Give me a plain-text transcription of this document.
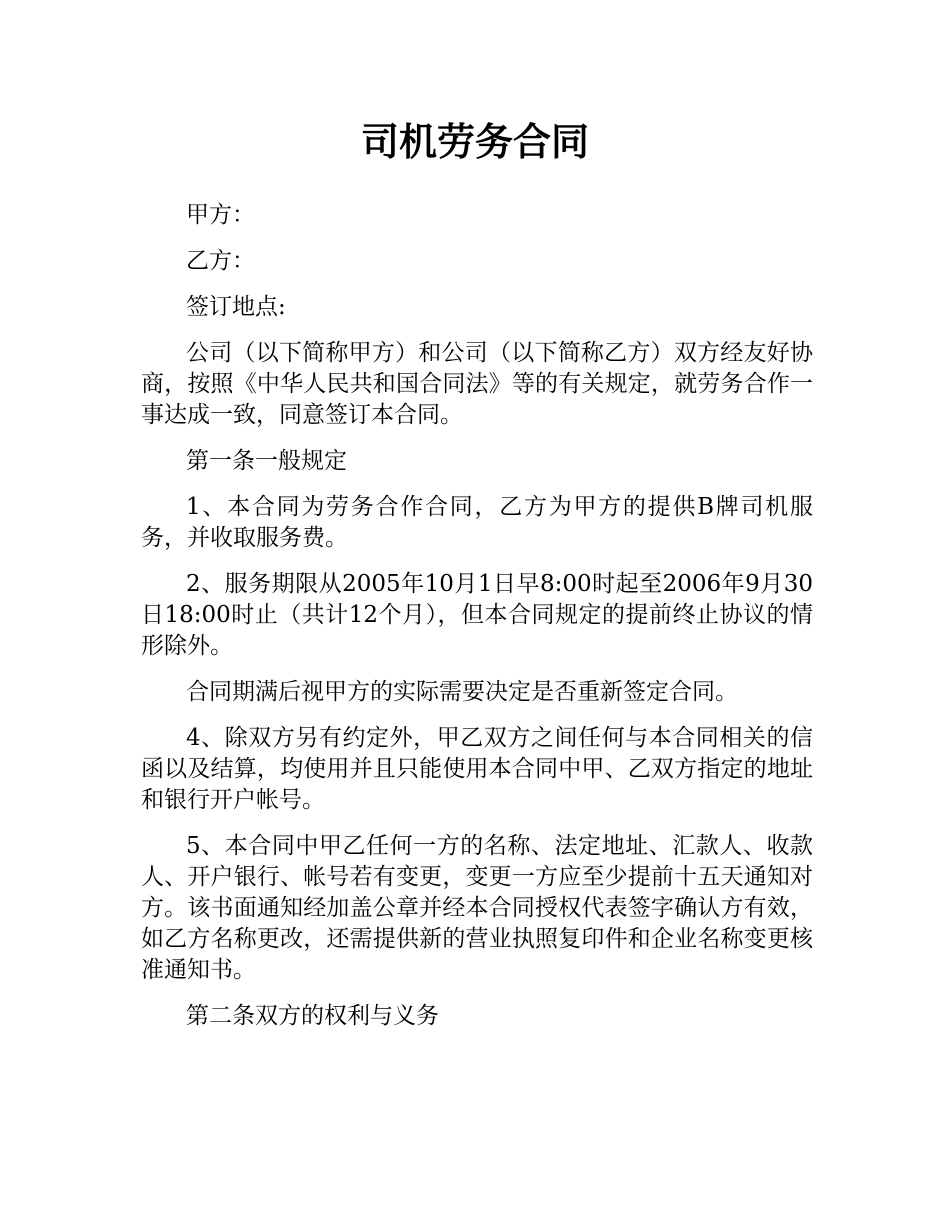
司机劳务合同

甲方：

乙方：

签订地点:

公司（以下简称甲方）和公司（以下简称乙方）双方经友好协商，按照《中华人民共和国合同法》等的有关规定，就劳务合作一事达成一致，同意签订本合同。

第一条一般规定

1、本合同为劳务合作合同，乙方为甲方的提供B牌司机服务，并收取服务费。

2、服务期限从2005年10月1日早8:00时起至2006年9月30日18:00时止（共计12个月），但本合同规定的提前终止协议的情形除外。

合同期满后视甲方的实际需要决定是否重新签定合同。

4、除双方另有约定外，甲乙双方之间任何与本合同相关的信函以及结算，均使用并且只能使用本合同中甲、乙双方指定的地址和银行开户帐号。

5、本合同中甲乙任何一方的名称、法定地址、汇款人、收款人、开户银行、帐号若有变更，变更一方应至少提前十五天通知对方。该书面通知经加盖公章并经本合同授权代表签字确认方有效，如乙方名称更改，还需提供新的营业执照复印件和企业名称变更核准通知书。

第二条双方的权利与义务
